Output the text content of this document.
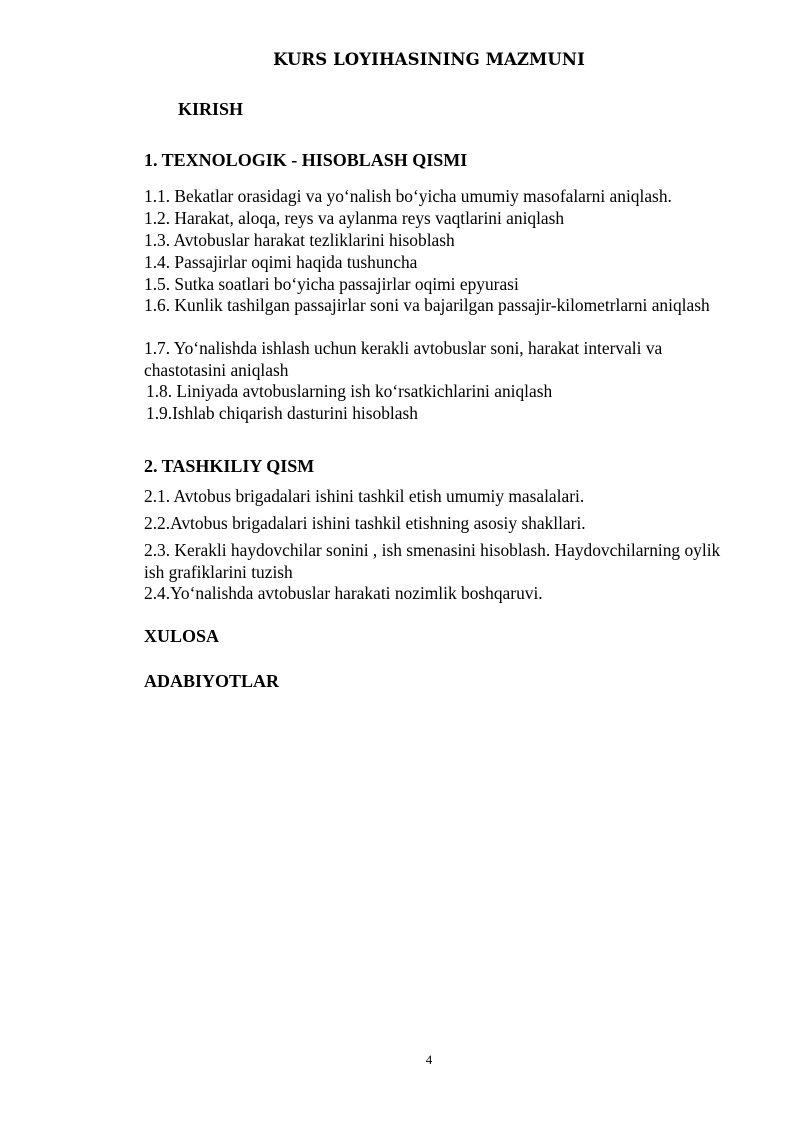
KURS LOYIHASINING MAZMUNI
KIRISH
1. TEXNOLOGIK - HISOBLASH QISMI
1.1. Bekatlar orasidagi va yo‘nalish bo‘yicha umumiy masofalarni aniqlash.
1.2. Harakat, aloqa, reys va aylanma reys vaqtlarini aniqlash
1.3. Avtobuslar harakat tezliklarini hisoblash
1.4. Passajirlar oqimi haqida tushuncha
1.5. Sutka soatlari bo‘yicha passajirlar oqimi epyurasi
1.6. Kunlik tashilgan passajirlar soni va bajarilgan passajir-kilometrlarni aniqlash
1.7. Yo‘nalishda ishlash uchun kerakli avtobuslar soni, harakat intervali va chastotasini aniqlash
1.8. Liniyada avtobuslarning ish ko‘rsatkichlarini aniqlash
1.9.Ishlab chiqarish dasturini hisoblash
2. TASHKILIY QISM
2.1. Avtobus brigadalari ishini tashkil etish umumiy masalalari.
2.2.Avtobus brigadalari ishini tashkil etishning asosiy shakllari.
2.3. Kerakli haydovchilar sonini , ish smenasini hisoblash. Haydovchilarning oylik ish grafiklarini tuzish
2.4.Yo‘nalishda avtobuslar harakati nozimlik boshqaruvi.
XULOSA
ADABIYOTLAR
4
